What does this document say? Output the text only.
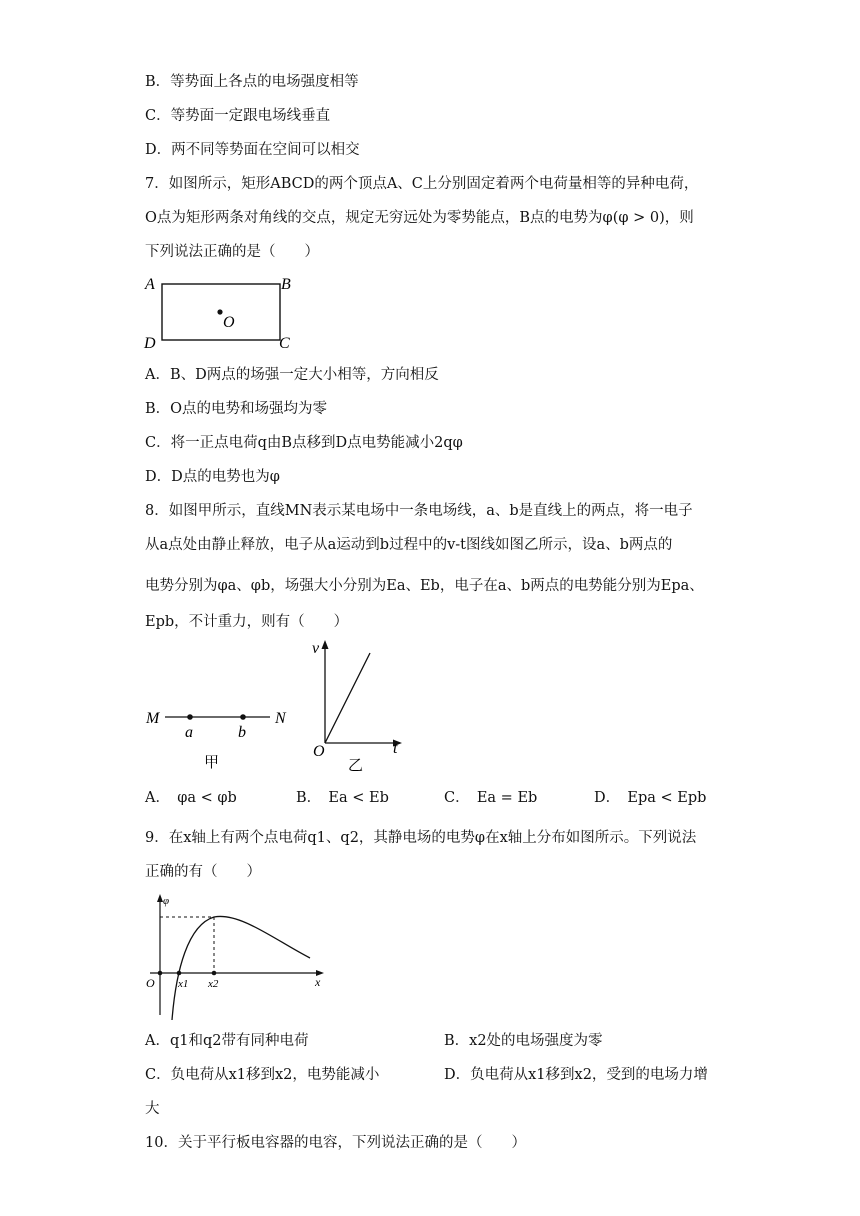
B．等势面上各点的电场强度相等
C．等势面一定跟电场线垂直
D．两不同等势面在空间可以相交
7．如图所示，矩形ABCD的两个顶点A、C上分别固定着两个电荷量相等的异种电荷，
O点为矩形两条对角线的交点，规定无穷远处为零势能点，B点的电势为φ(φ > 0)，则
下列说法正确的是（　　）
A	B
C
D
O
A．B、D两点的场强一定大小相等，方向相反
B．O点的电势和场强均为零
C．将一正点电荷q由B点移到D点电势能减小2qφ
D．D点的电势也为φ
8．如图甲所示，直线MN表示某电场中一条电场线，a、b是直线上的两点，将一电子
从a点处由静止释放，电子从a运动到b过程中的v-t图线如图乙所示，设a、b两点的
电势分别为φa、φb，场强大小分别为Ea、Eb，电子在a、b两点的电势能分别为Epa、
Epb，不计重力，则有（　　）
M	N
a	b
甲
v
t
O
乙
A．　φa < φb	B．　Ea < Eb	C．　Ea = Eb	D．　Epa < Epb
9．在x轴上有两个点电荷q1、q2，其静电场的电势φ在x轴上分布如图所示。下列说法
正确的有（　　）
φ
O x1 x2	x
A．q1和q2带有同种电荷	B．x2处的电场强度为零
C．负电荷从x1移到x2，电势能减小	D．负电荷从x1移到x2，受到的电场力增
大
10．关于平行板电容器的电容，下列说法正确的是（　　）
